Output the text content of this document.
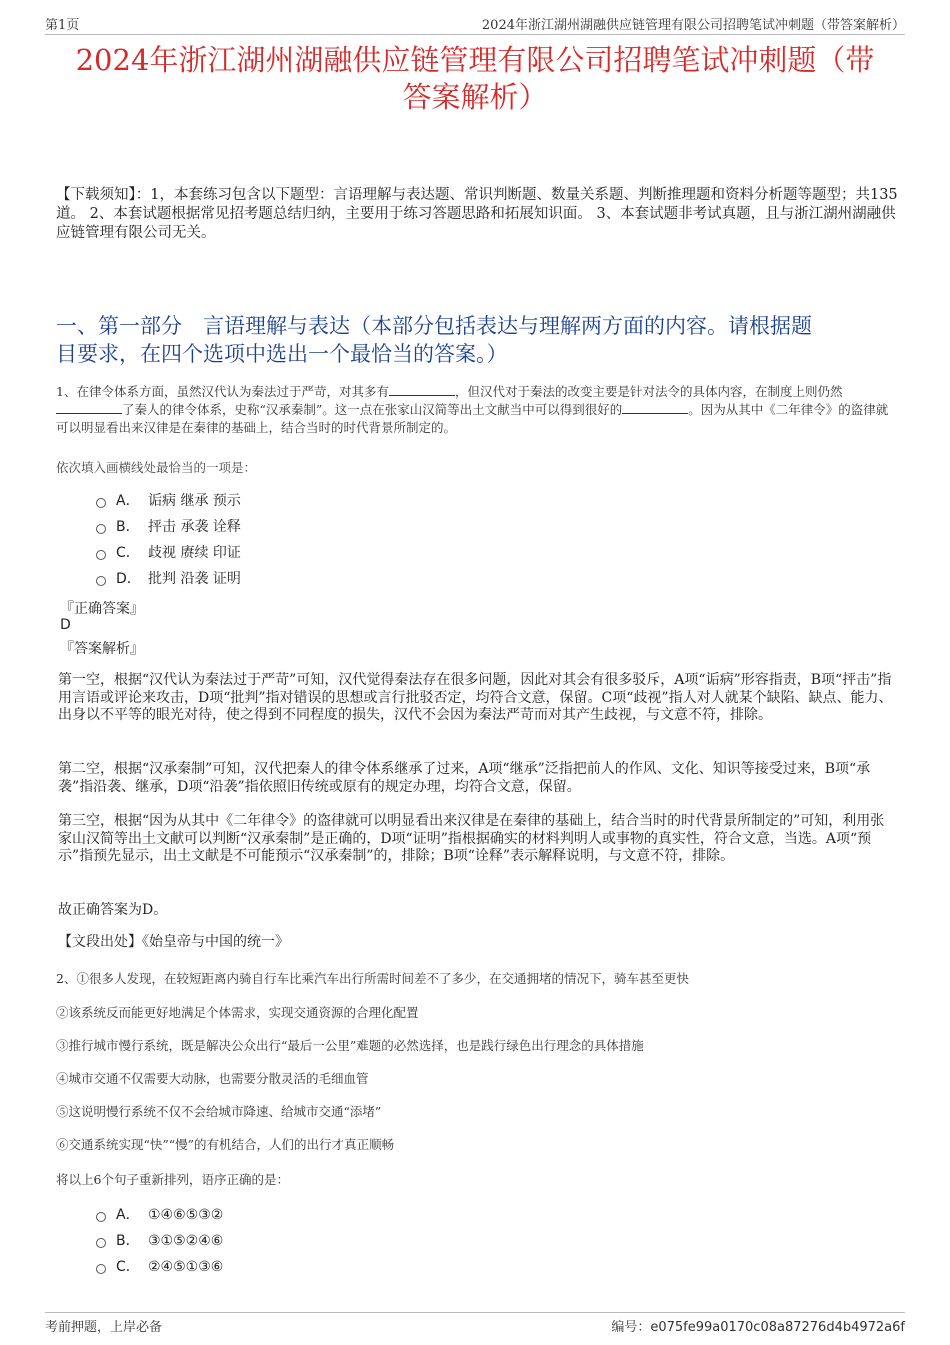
第1页	2024年浙江湖州湖融供应链管理有限公司招聘笔试冲刺题（带答案解析）
2024年浙江湖州湖融供应链管理有限公司招聘笔试冲刺题（带
答案解析）
【下载须知】：1，本套练习包含以下题型：言语理解与表达题、常识判断题、数量关系题、判断推理题和资料分析题等题型；共135道。 2、本套试题根据常见招考题总结归纳，主要用于练习答题思路和拓展知识面。 3、本套试题非考试真题，且与浙江湖州湖融供应链管理有限公司无关。
一、第一部分　言语理解与表达（本部分包括表达与理解两方面的内容。请根据题
目要求，在四个选项中选出一个最恰当的答案。）
1、在律令体系方面，虽然汉代认为秦法过于严苛，对其多有	，但汉代对于秦法的改变主要是针对法令的具体内容，在制度上则仍然了秦人的律令体系，史称“汉承秦制”。这一点在张家山汉简等出土文献当中可以得到很好的	。因为从其中《二年律令》的盗律就可以明显看出来汉律是在秦律的基础上，结合当时的时代背景所制定的。
依次填入画横线处最恰当的一项是：
A． 诟病 继承 预示
B． 抨击 承袭 诠释
C． 歧视 赓续 印证
D． 批判 沿袭 证明
『正确答案』
D
『答案解析』
第一空，根据“汉代认为秦法过于严苛”可知，汉代觉得秦法存在很多问题，因此对其会有很多驳斥，A项“诟病”形容指责，B项“抨击”指用言语或评论来攻击，D项“批判”指对错误的思想或言行批驳否定，均符合文意，保留。C项“歧视”指人对人就某个缺陷、缺点、能力、出身以不平等的眼光对待，使之得到不同程度的损失，汉代不会因为秦法严苛而对其产生歧视，与文意不符，排除。
第二空，根据“汉承秦制”可知，汉代把秦人的律令体系继承了过来，A项“继承”泛指把前人的作风、文化、知识等接受过来，B项“承袭”指沿袭、继承，D项“沿袭”指依照旧传统或原有的规定办理，均符合文意，保留。
第三空，根据“因为从其中《二年律令》的盗律就可以明显看出来汉律是在秦律的基础上，结合当时的时代背景所制定的”可知，利用张家山汉简等出土文献可以判断“汉承秦制”是正确的，D项“证明”指根据确实的材料判明人或事物的真实性，符合文意，当选。A项“预示”指预先显示，出土文献是不可能预示“汉承秦制”的，排除；B项“诠释”表示解释说明，与文意不符，排除。
故正确答案为D。
【文段出处】《始皇帝与中国的统一》
2、①很多人发现，在较短距离内骑自行车比乘汽车出行所需时间差不了多少，在交通拥堵的情况下，骑车甚至更快
②该系统反而能更好地满足个体需求，实现交通资源的合理化配置
③推行城市慢行系统，既是解决公众出行“最后一公里”难题的必然选择，也是践行绿色出行理念的具体措施
④城市交通不仅需要大动脉，也需要分散灵活的毛细血管
⑤这说明慢行系统不仅不会给城市降速、给城市交通“添堵”
⑥交通系统实现“快”“慢”的有机结合，人们的出行才真正顺畅
将以上6个句子重新排列，语序正确的是：
A． ①④⑥⑤③②
B． ③①⑤②④⑥
C． ②④⑤①③⑥
考前押题，上岸必备	编号：e075fe99a0170c08a87276d4b4972a6f
